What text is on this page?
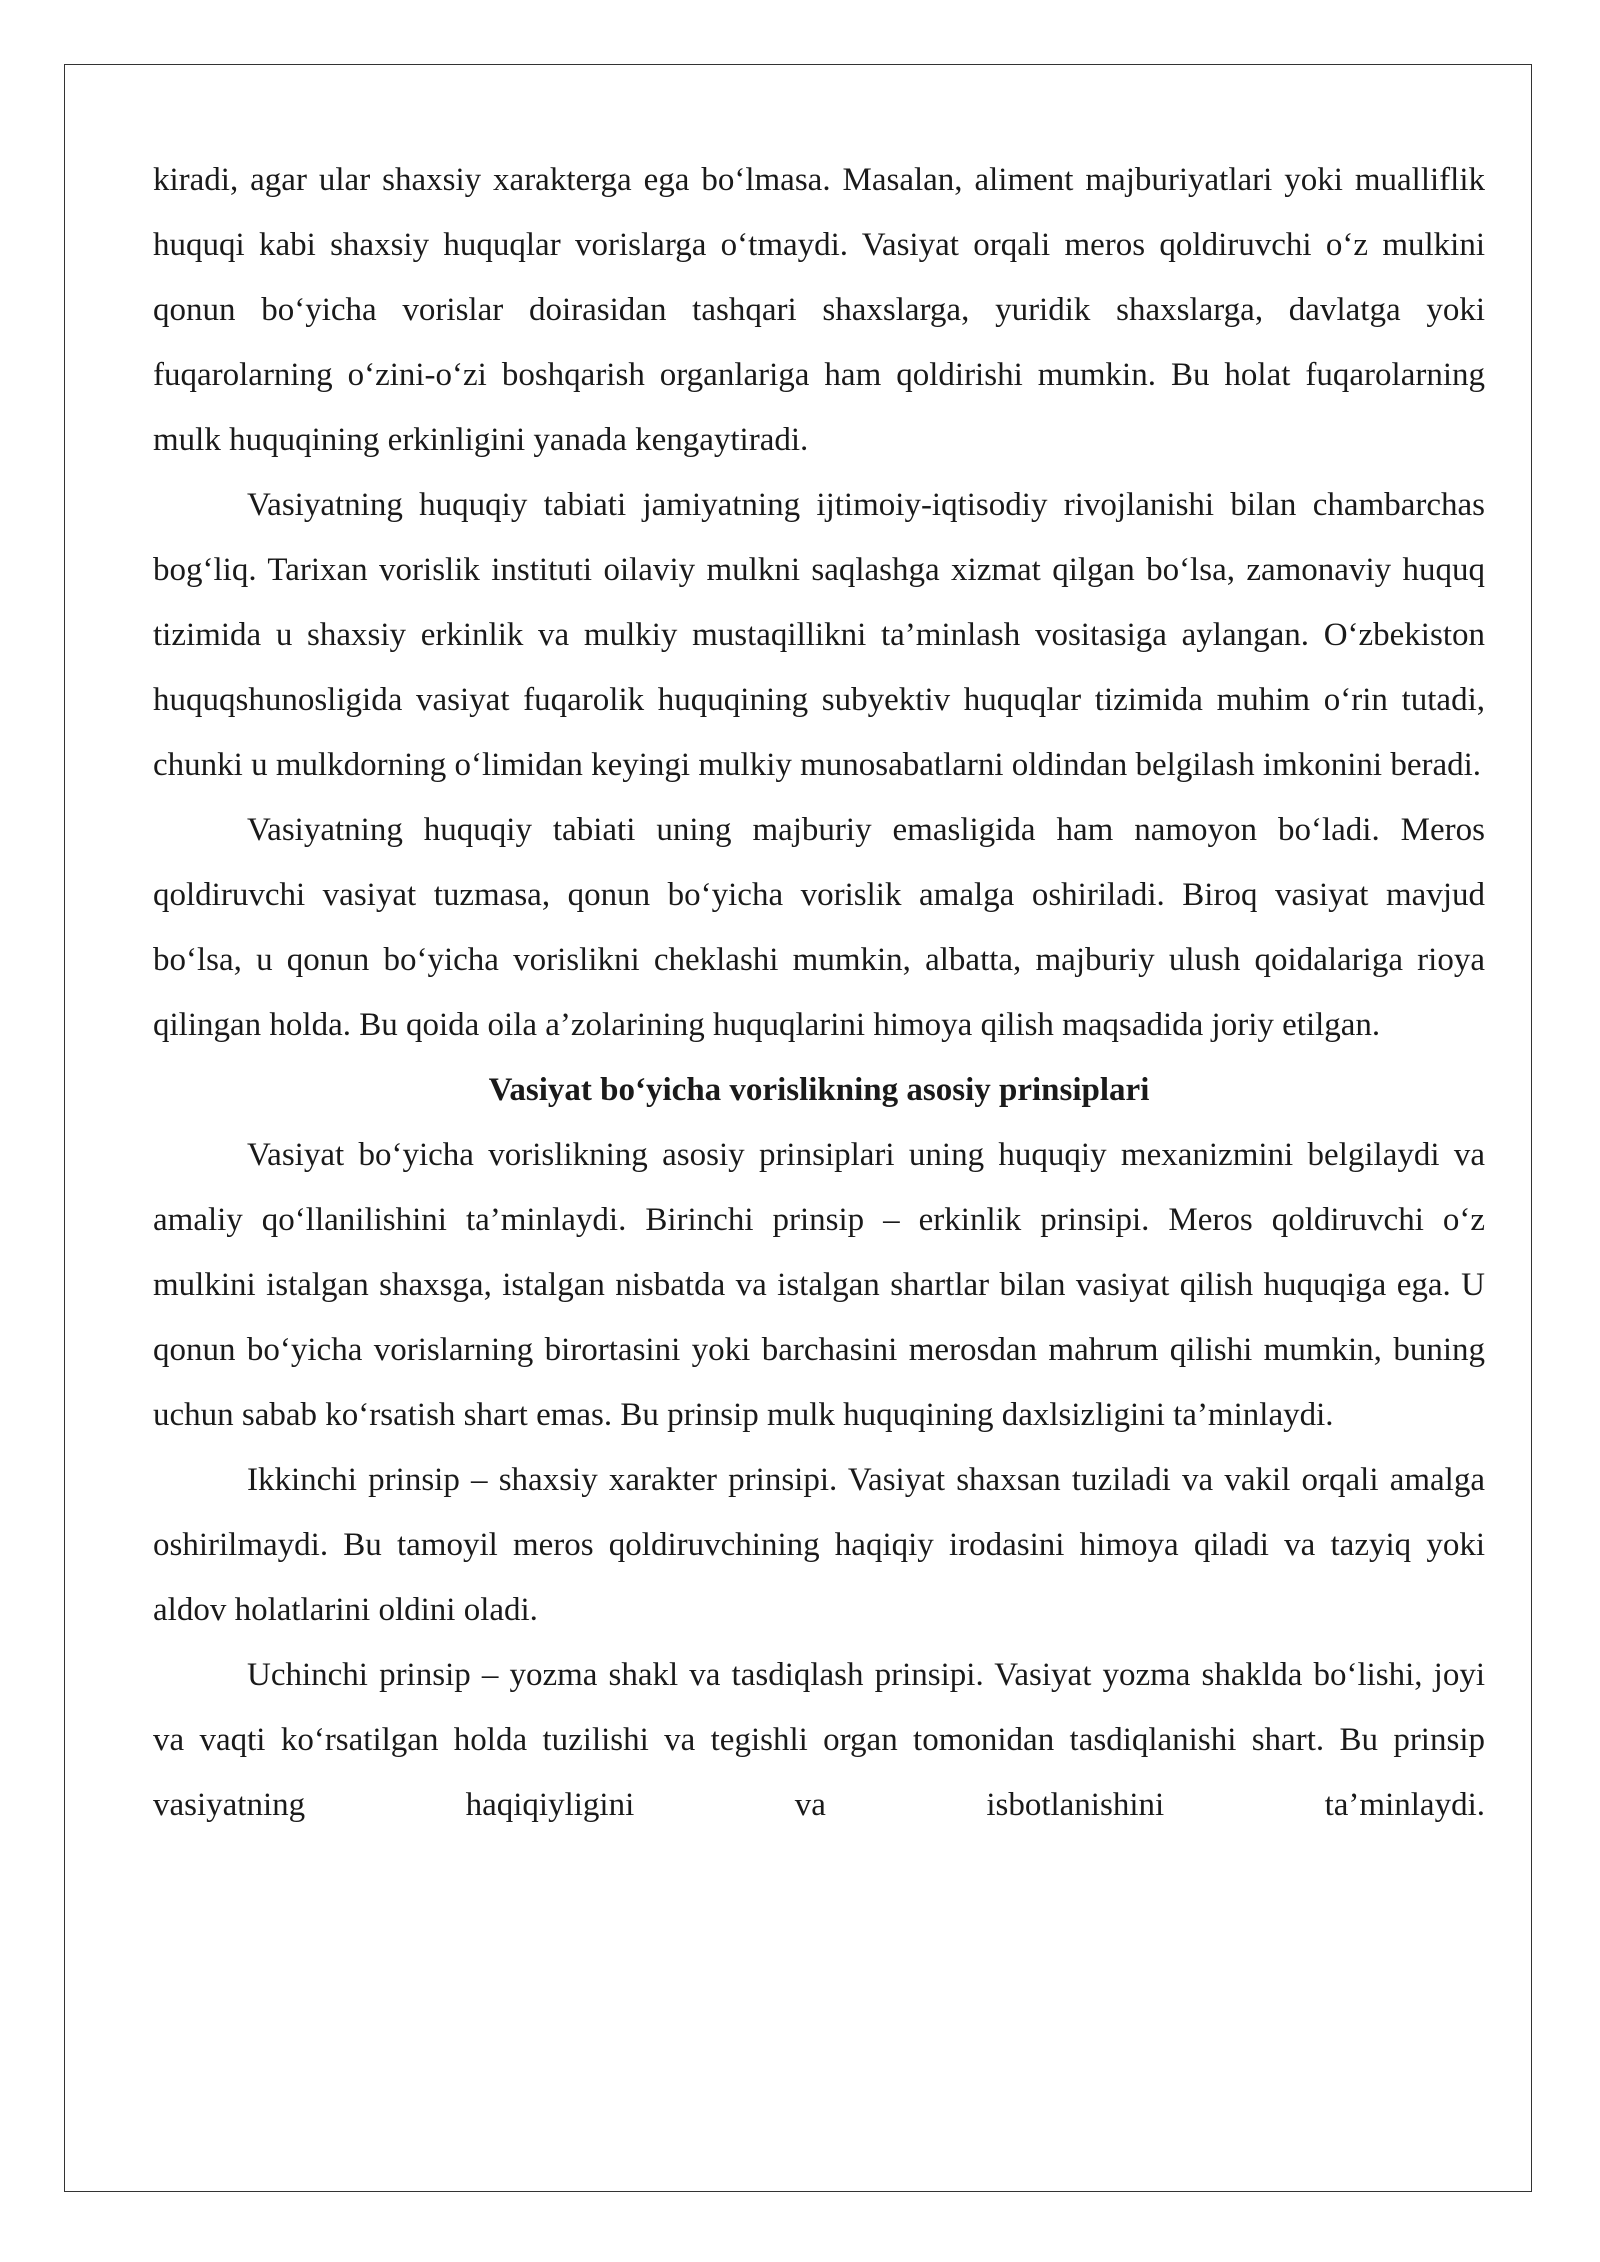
kiradi, agar ular shaxsiy xarakterga ega bo‘lmasa. Masalan, aliment majburiyatlari yoki mualliflik huquqi kabi shaxsiy huquqlar vorislarga o‘tmaydi. Vasiyat orqali meros qoldiruvchi o‘z mulkini qonun bo‘yicha vorislar doirasidan tashqari shaxslarga, yuridik shaxslarga, davlatga yoki fuqarolarning o‘zini-o‘zi boshqarish organlariga ham qoldirishi mumkin. Bu holat fuqarolarning mulk huquqining erkinligini yanada kengaytiradi.

Vasiyatning huquqiy tabiati jamiyatning ijtimoiy-iqtisodiy rivojlanishi bilan chambarchas bog‘liq. Tarixan vorislik instituti oilaviy mulkni saqlashga xizmat qilgan bo‘lsa, zamonaviy huquq tizimida u shaxsiy erkinlik va mulkiy mustaqillikni ta’minlash vositasiga aylangan. O‘zbekiston huquqshunosligida vasiyat fuqarolik huquqining subyektiv huquqlar tizimida muhim o‘rin tutadi, chunki u mulkdorning o‘limidan keyingi mulkiy munosabatlarni oldindan belgilash imkonini beradi.

Vasiyatning huquqiy tabiati uning majburiy emasligida ham namoyon bo‘ladi. Meros qoldiruvchi vasiyat tuzmasa, qonun bo‘yicha vorislik amalga oshiriladi. Biroq vasiyat mavjud bo‘lsa, u qonun bo‘yicha vorislikni cheklashi mumkin, albatta, majburiy ulush qoidalariga rioya qilingan holda. Bu qoida oila a’zolarining huquqlarini himoya qilish maqsadida joriy etilgan.

Vasiyat bo‘yicha vorislikning asosiy prinsiplari

Vasiyat bo‘yicha vorislikning asosiy prinsiplari uning huquqiy mexanizmini belgilaydi va amaliy qo‘llanilishini ta’minlaydi. Birinchi prinsip – erkinlik prinsipi. Meros qoldiruvchi o‘z mulkini istalgan shaxsga, istalgan nisbatda va istalgan shartlar bilan vasiyat qilish huquqiga ega. U qonun bo‘yicha vorislarning birortasini yoki barchasini merosdan mahrum qilishi mumkin, buning uchun sabab ko‘rsatish shart emas. Bu prinsip mulk huquqining daxlsizligini ta’minlaydi.

Ikkinchi prinsip – shaxsiy xarakter prinsipi. Vasiyat shaxsan tuziladi va vakil orqali amalga oshirilmaydi. Bu tamoyil meros qoldiruvchining haqiqiy irodasini himoya qiladi va tazyiq yoki aldov holatlarini oldini oladi.

Uchinchi prinsip – yozma shakl va tasdiqlash prinsipi. Vasiyat yozma shaklda bo‘lishi, joyi va vaqti ko‘rsatilgan holda tuzilishi va tegishli organ tomonidan tasdiqlanishi shart. Bu prinsip vasiyatning haqiqiyligini va isbotlanishini ta’minlaydi.
